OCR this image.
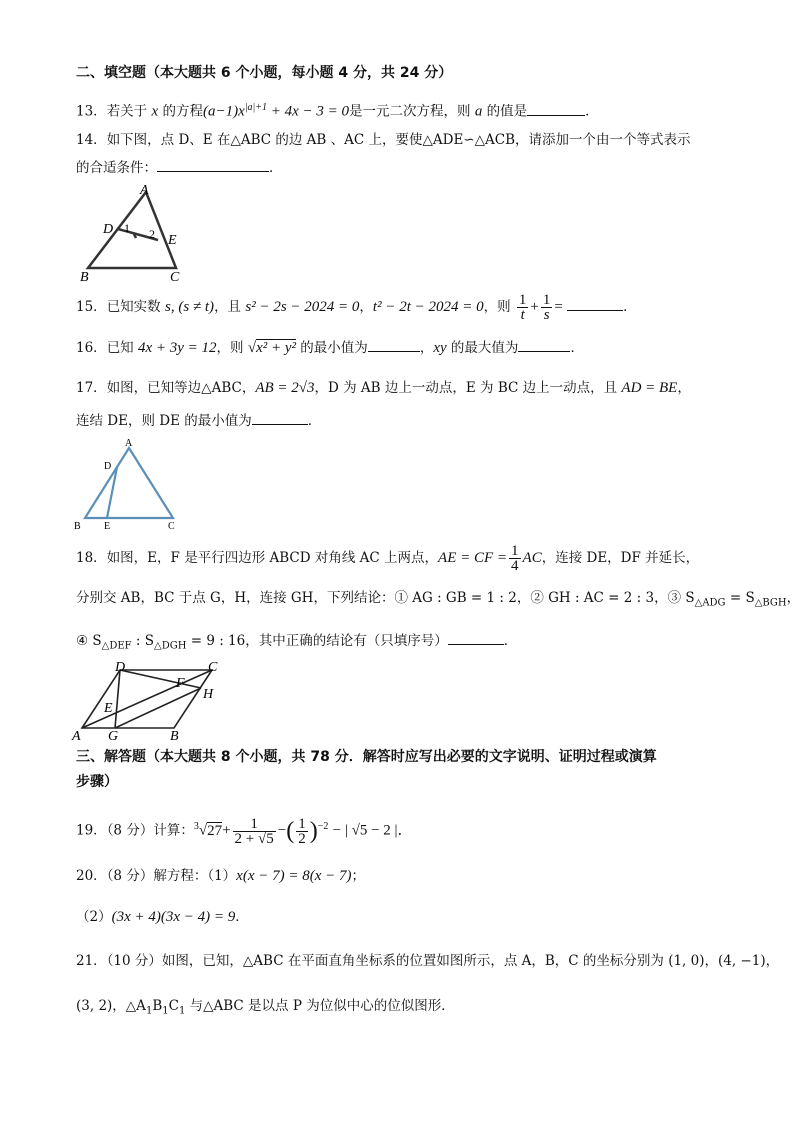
二、填空题（本大题共 6 个小题，每小题 4 分，共 24 分）
13．若关于 x 的方程$(a-1)x^{|a|+1} + 4x - 3 = 0$是一元二次方程，则 a 的值是	．
14．如下图，点 D、E 在△ABC 的边 AB 、AC 上，要使△ADE∽△ACB，请添加一个由一个等式表示
的合适条件：	．
A
B	C
D
E
1 2
15．已知实数 s, (s ≠ t)，且 s² − 2s − 2024 = 0，t² − 2t − 2024 = 0，则 $\frac{1}{t} + \frac{1}{s}$ =	．
16．已知 4x + 3y = 12，则 √x² + y² 的最小值为	，xy 的最大值为	．
17．如图，已知等边△ABC，AB = 2√3，D 为 AB 边上一动点，E 为 BC 边上一动点，且 AD = BE，
连结 DE，则 DE 的最小值为	．
A
B	C
D
E
18．如图，E，F 是平行四边形 ABCD 对角线 AC 上两点，AE = CF = $\frac{1}{4}$ AC，连接 DE，DF 并延长，
分别交 AB，BC 于点 G，H，连接 GH，下列结论：① AG : GB = 1 : 2，② GH : AC = 2 : 3，③ $S_{\triangle ADG} = S_{\triangle BGH}$，
④ $S_{\triangle DEF}$ : $S_{\triangle DGH} = 9$ : 16，其中正确的结论有（只填序号）	．
D	C
F
H
E
A G	B
三、解答题（本大题共 8 个小题，共 78 分．解答时应写出必要的文字说明、证明过程或演算
步骤）
19．（8 分）计算：$^3√27+ \frac{1}{2 + √5}$ −( $\frac{1}{2} )^{-2}$ − | √5 − 2 |．
20．（8 分）解方程：（1）x(x − 7) = 8(x − 7)；
（2）(3x + 4)(3x − 4) = 9．
21．（10 分）如图，已知，△ABC 在平面直角坐标系的位置如图所示，点 A，B，C 的坐标分别为 (1, 0)，(4, −1)，
(3, 2)，$\triangle A_1B_1C_1$ 与△ABC 是以点 P 为位似中心的位似图形．
